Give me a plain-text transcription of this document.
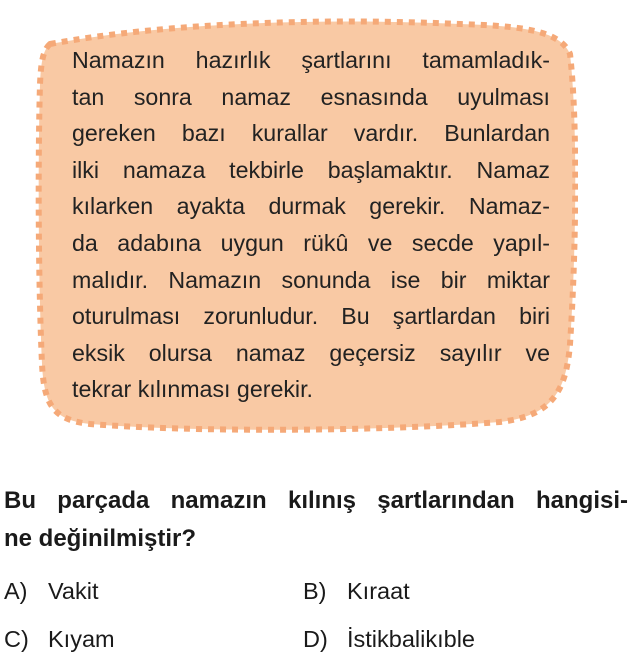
Namazın hazırlık şartlarını tamamladık-
tan sonra namaz esnasında uyulması
gereken bazı kurallar vardır. Bunlardan
ilki namaza tekbirle başlamaktır. Namaz
kılarken ayakta durmak gerekir. Namaz-
da adabına uygun rükû ve secde yapıl-
malıdır. Namazın sonunda ise bir miktar
oturulması zorunludur. Bu şartlardan biri
eksik olursa namaz geçersiz sayılır ve
tekrar kılınması gerekir.
Bu parçada namazın kılınış şartlarından hangisi-
ne değinilmiştir?
A) Vakit	B) Kıraat
C) Kıyam	D) İstikbalikıble
